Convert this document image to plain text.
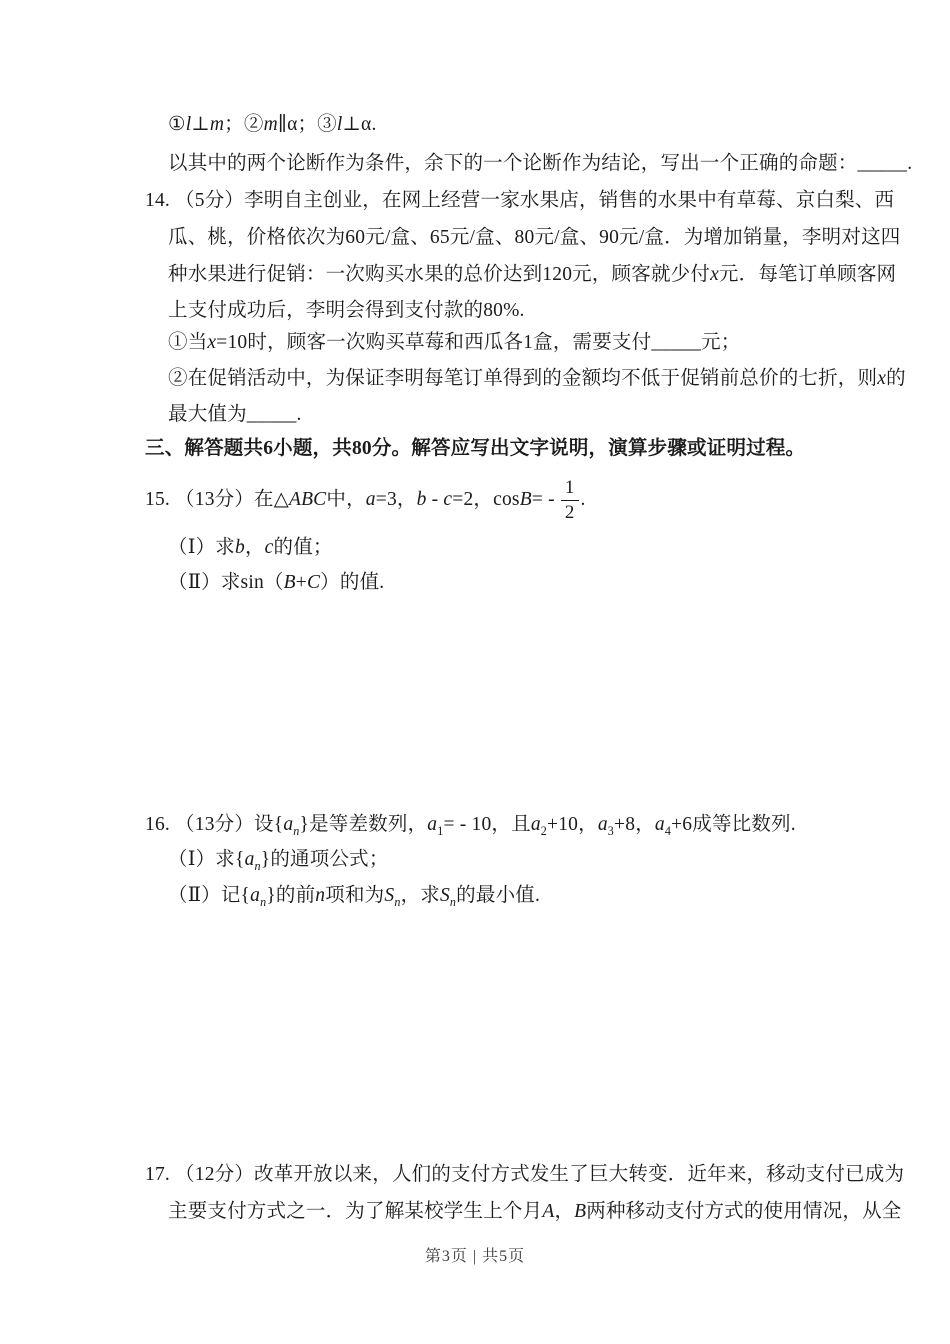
①l⊥m；②m∥α；③l⊥α.
以其中的两个论断作为条件，余下的一个论断作为结论，写出一个正确的命题：_____.
14. （5分）李明自主创业，在网上经营一家水果店，销售的水果中有草莓、京白梨、西
瓜、桃，价格依次为60元/盒、65元/盒、80元/盒、90元/盒．为增加销量，李明对这四
种水果进行促销：一次购买水果的总价达到120元，顾客就少付x元．每笔订单顾客网
上支付成功后，李明会得到支付款的80%.
①当x=10时，顾客一次购买草莓和西瓜各1盒，需要支付_____元；
②在促销活动中，为保证李明每笔订单得到的金额均不低于促销前总价的七折，则x的
最大值为_____.
三、解答题共6小题，共80分。解答应写出文字说明，演算步骤或证明过程。
15. （13分）在△ABC中，a=3，b - c=2，$\cos B= - \frac{1}{2}$ .
（Ⅰ）求b，c的值；
（Ⅱ）求sin（B+C）的值.
16. （13分）设$\{a_n\}$是等差数列，$a_1= - 10$，且$a_2+10$，$a_3+8$，$a_4+6$成等比数列.
（Ⅰ）求$\{a_n\}$的通项公式；
（Ⅱ）记$\{a_n\}$的前n项和为$S_n$，求$S_n$的最小值.
17. （12分）改革开放以来，人们的支付方式发生了巨大转变．近年来，移动支付已成为
主要支付方式之一．为了解某校学生上个月A，B两种移动支付方式的使用情况，从全
第3页 | 共5页
